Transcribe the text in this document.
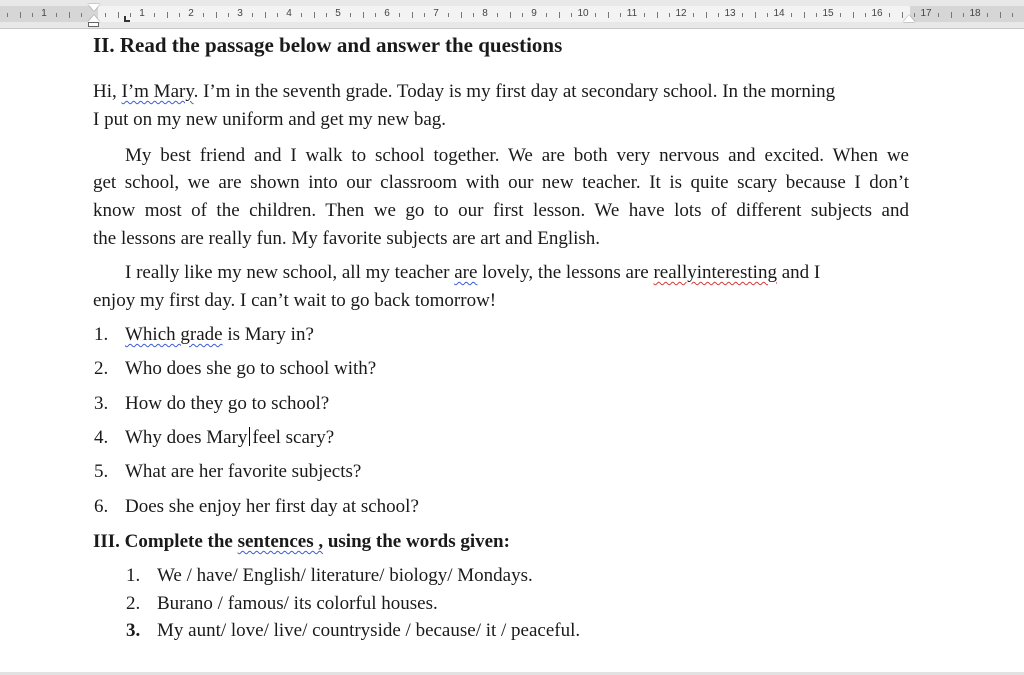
1	1	2	3	4	5	6	7	8	9	10	11	12	13	14	15	16	17	18
II. Read the passage below and answer the questions
Hi, I’m Mary. I’m in the seventh grade. Today is my first day at secondary school. In the morning
I put on my new uniform and get my new bag.
My best friend and I walk to school together. We are both very nervous and excited. When we
get school, we are shown into our classroom with our new teacher. It is quite scary because I don’t
know most of the children. Then we go to our first lesson. We have lots of different subjects and
the lessons are really fun. My favorite subjects are art and English.
I really like my new school, all my teacher are lovely, the lessons are reallyinteresting and I
enjoy my first day. I can’t wait to go back tomorrow!
1. Which grade is Mary in?
2. Who does she go to school with?
3. How do they go to school?
4. Why does Mary feel scary?
5. What are her favorite subjects?
6. Does she enjoy her first day at school?
III. Complete the sentences , using the words given:
1. We / have/ English/ literature/ biology/ Mondays.
2. Burano / famous/ its colorful houses.
3. My aunt/ love/ live/ countryside / because/ it / peaceful.
